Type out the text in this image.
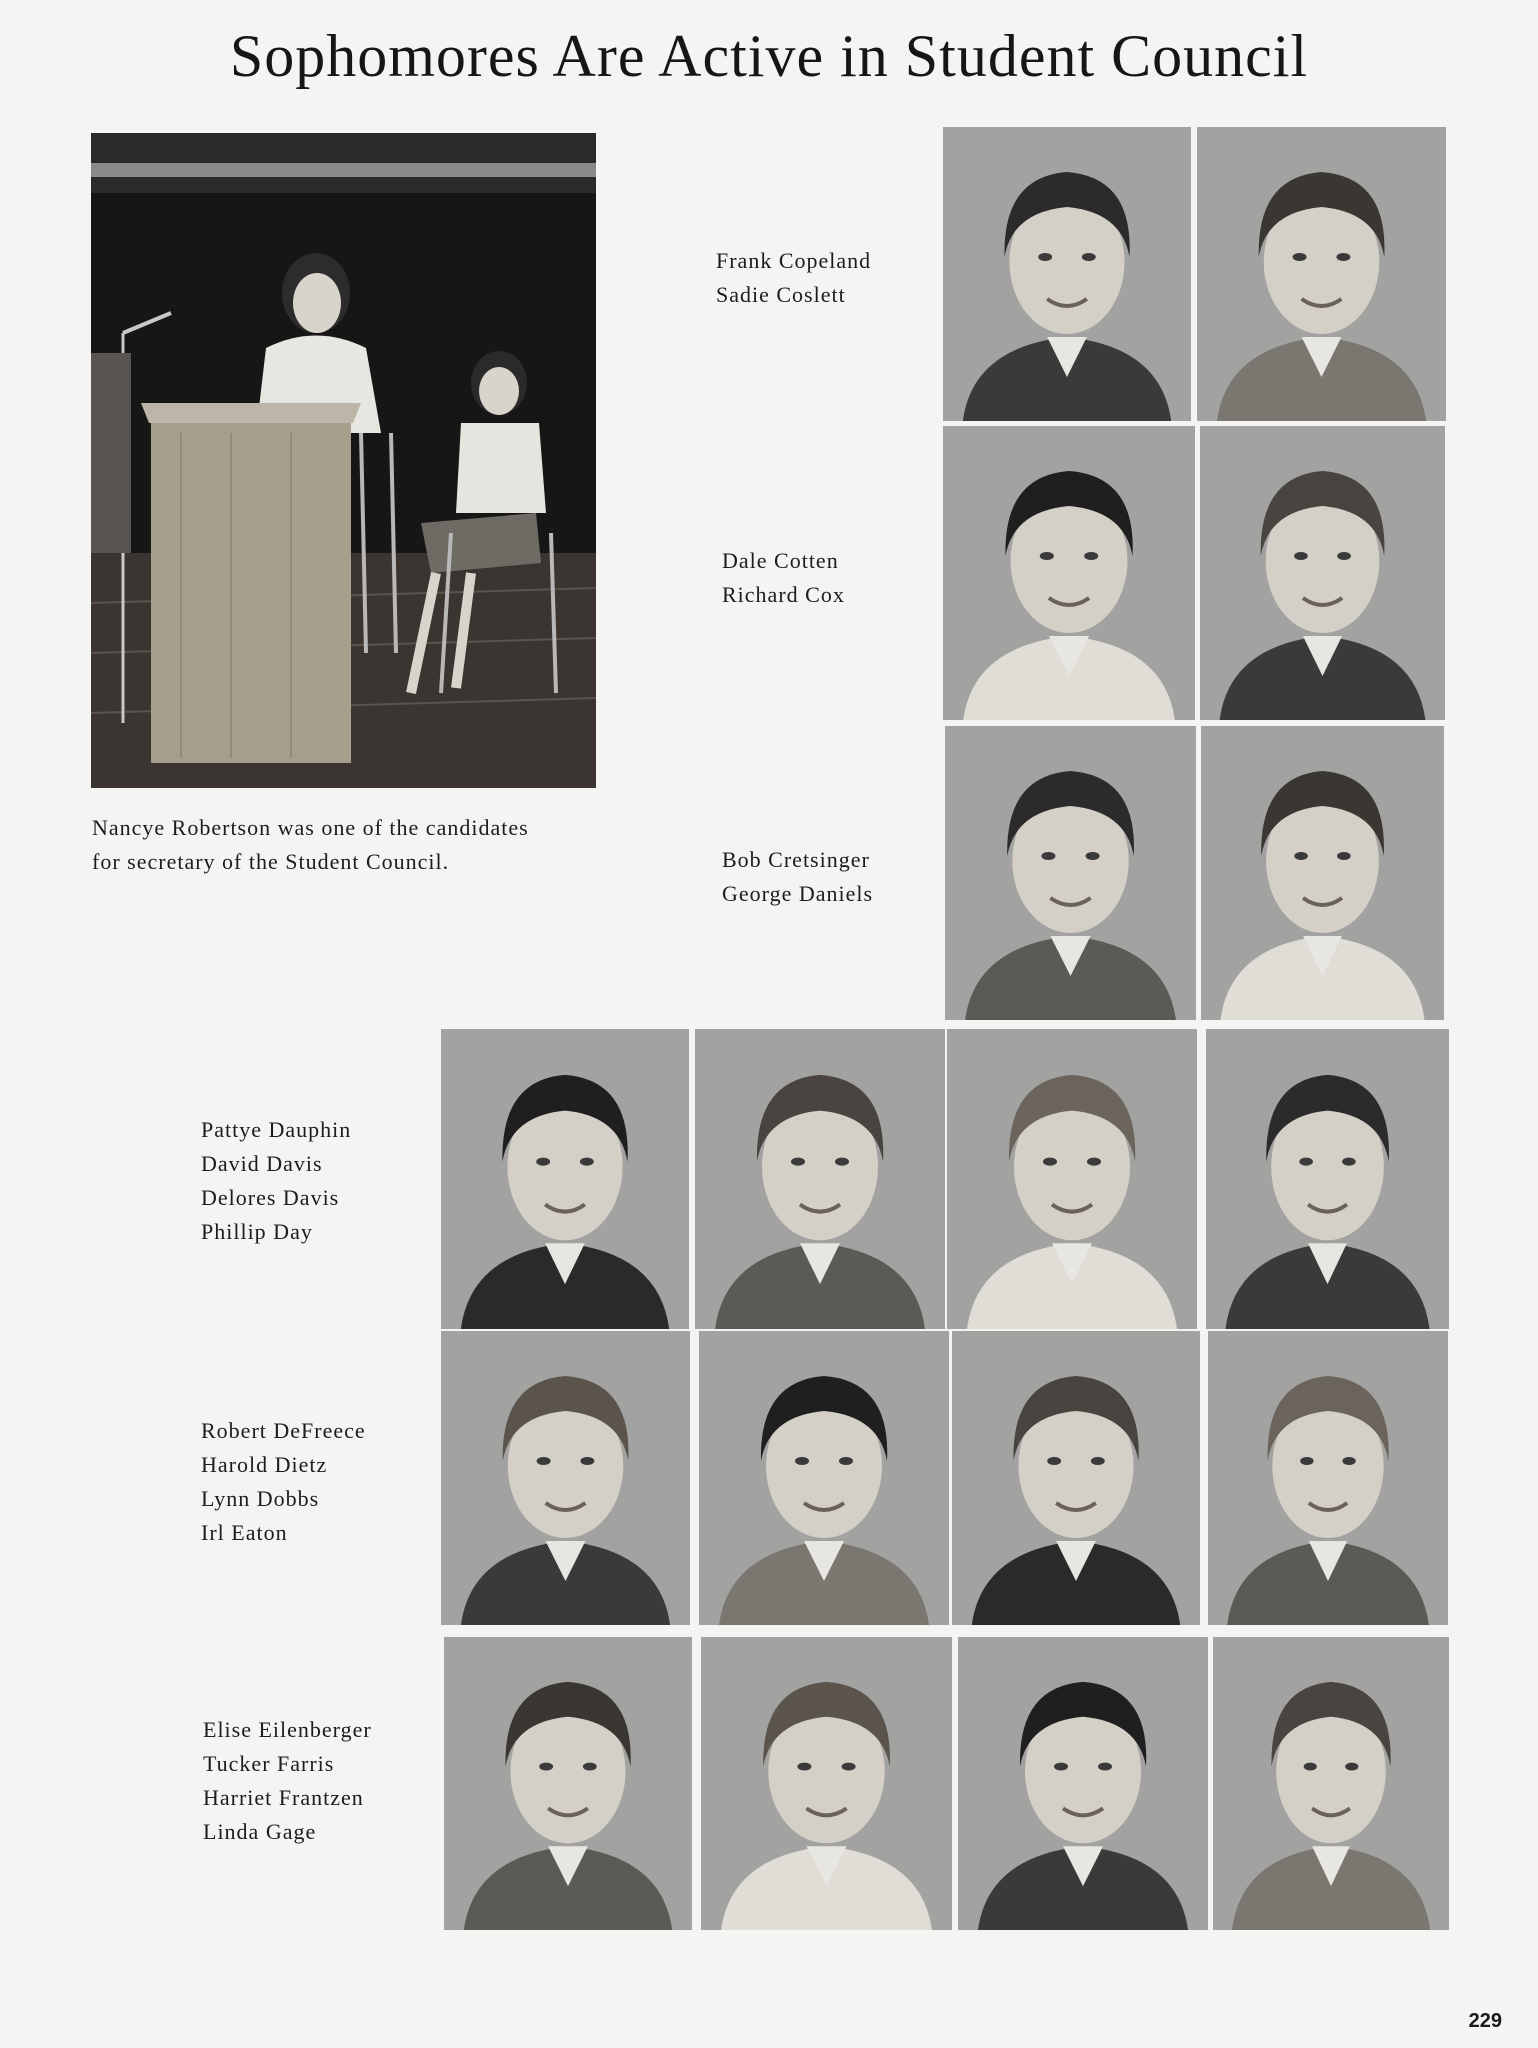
Sophomores Are Active in Student Council
Nancye Robertson was one of the candidates
for secretary of the Student Council.
Frank Copeland
Sadie Coslett
Dale Cotten
Richard Cox
Bob Cretsinger
George Daniels
Pattye Dauphin
David Davis
Delores Davis
Phillip Day
Robert DeFreece
Harold Dietz
Lynn Dobbs
Irl Eaton
Elise Eilenberger
Tucker Farris
Harriet Frantzen
Linda Gage
229
